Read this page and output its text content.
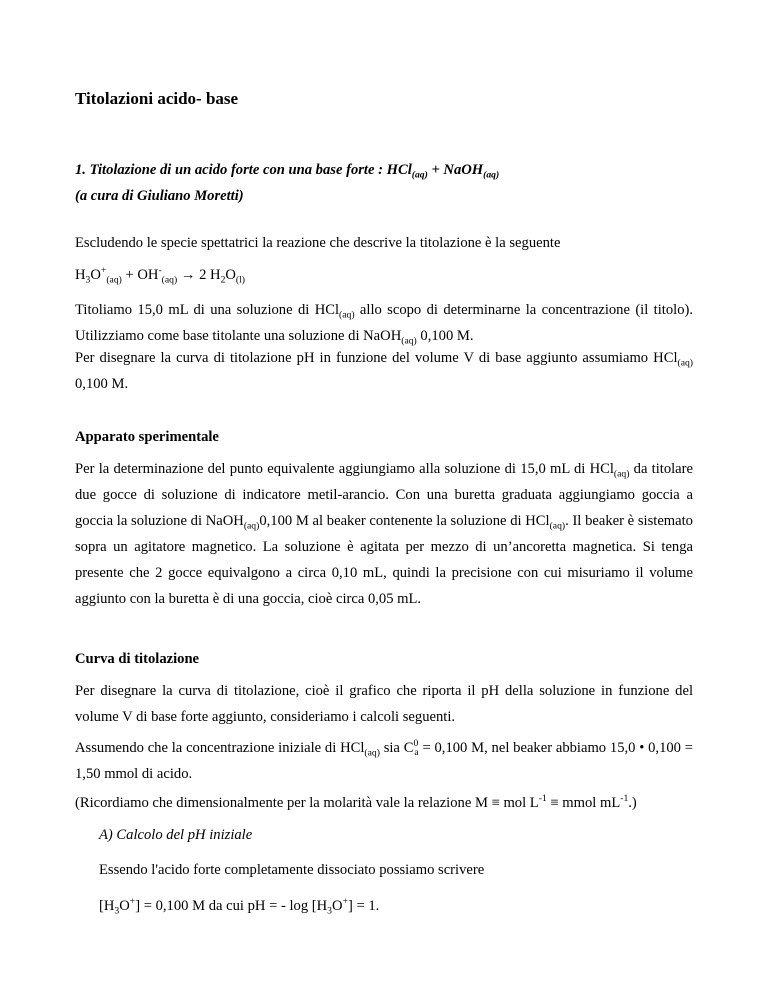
Titolazioni acido- base
1. Titolazione di un acido forte con una base forte : HCl$_{(aq)}$ + NaOH$_{(aq)}$

(a cura di Giuliano Moretti)

Escludendo le specie spettatrici la reazione che descrive la titolazione è la seguente

$H_3O^+_{(aq)} + OH^-_{(aq)} \to 2$ $H_2O_{(l)}$

Titoliamo 15,0 mL di una soluzione di HCl$_{(aq)}$ allo scopo di determinarne la concentrazione (il titolo). Utilizziamo come base titolante una soluzione di NaOH$_{(aq)}$ 0,100 M.

Per disegnare la curva di titolazione pH in funzione del volume V di base aggiunto assumiamo HCl$_{(aq)}$ 0,100 M.

Apparato sperimentale

Per la determinazione del punto equivalente aggiungiamo alla soluzione di 15,0 mL di HCl$_{(aq)}$ da titolare due gocce di soluzione di indicatore metil-arancio. Con una buretta graduata aggiungiamo goccia a goccia la soluzione di NaOH$_{(aq)}$0,100 M al beaker contenente la soluzione di HCl$_{(aq)}$. Il beaker è sistemato sopra un agitatore magnetico. La soluzione è agitata per mezzo di un’ancoretta magnetica. Si tenga presente che 2 gocce equivalgono a circa 0,10 mL, quindi la precisione con cui misuriamo il volume aggiunto con la buretta è di una goccia, cioè circa 0,05 mL.

Curva di titolazione

Per disegnare la curva di titolazione, cioè il grafico che riporta il pH della soluzione in funzione del volume V di base forte aggiunto, consideriamo i calcoli seguenti.

Assumendo che la concentrazione iniziale di HCl$_{(aq)}$ sia $C^0_a = 0,100$ M, nel beaker abbiamo 15,0 • 0,100 = 1,50 mmol di acido.

(Ricordiamo che dimensionalmente per la molarità vale la relazione M ≡ mol $L^{-1}$ ≡ mmol $mL^{-1}$.)

A) Calcolo del pH iniziale

Essendo l'acido forte completamente dissociato possiamo scrivere

$[H_3O^+] = 0,100$ M da cui pH = - $\log [H_3O^+] = 1$.
